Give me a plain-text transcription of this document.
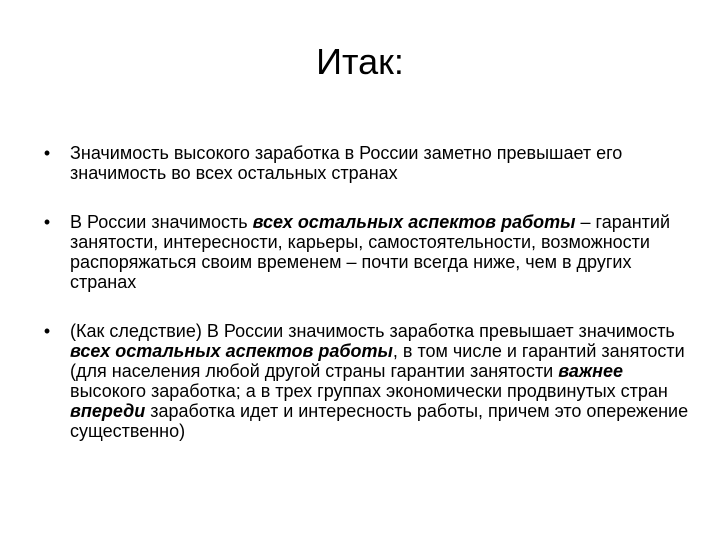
Итак:
• Значимость высокого заработка в России заметно превышает его значимость во всех остальных странах
• В России значимость всех остальных аспектов работы – гарантий занятости, интересности, карьеры, самостоятельности, возможности распоряжаться своим временем – почти всегда ниже, чем в других странах
• (Как следствие) В России значимость заработка превышает значимость всех остальных аспектов работы, в том числе и гарантий занятости (для населения любой другой страны гарантии занятости важнее высокого заработка; а в трех группах экономически продвинутых стран впереди заработка идет и интересность работы, причем это опережение существенно)
